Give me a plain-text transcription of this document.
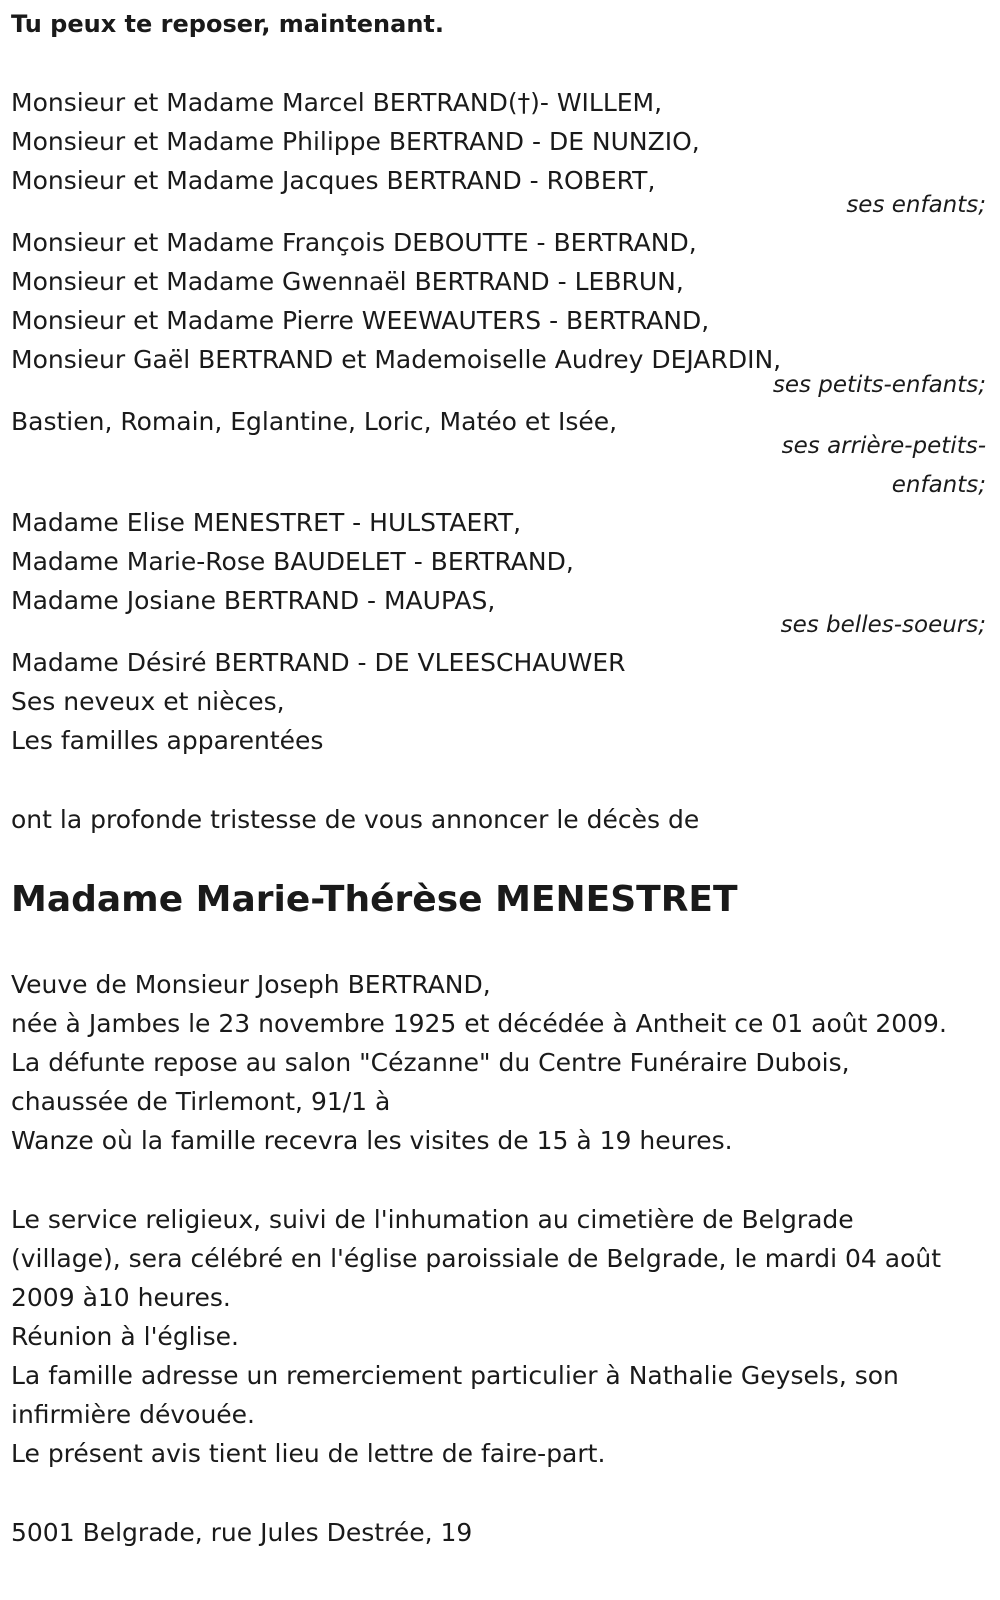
Tu peux te reposer, maintenant.
Monsieur et Madame Marcel BERTRAND(†)- WILLEM,
Monsieur et Madame Philippe BERTRAND - DE NUNZIO,
Monsieur et Madame Jacques BERTRAND - ROBERT,
ses enfants;
Monsieur et Madame François DEBOUTTE - BERTRAND,
Monsieur et Madame Gwennaël BERTRAND - LEBRUN,
Monsieur et Madame Pierre WEEWAUTERS - BERTRAND,
Monsieur Gaël BERTRAND et Mademoiselle Audrey DEJARDIN,
ses petits-enfants;
Bastien, Romain, Eglantine, Loric, Matéo et Isée,
ses arrière-petits-
enfants;
Madame Elise MENESTRET - HULSTAERT,
Madame Marie-Rose BAUDELET - BERTRAND,
Madame Josiane BERTRAND - MAUPAS,
ses belles-soeurs;
Madame Désiré BERTRAND - DE VLEESCHAUWER
Ses neveux et nièces,
Les familles apparentées
ont la profonde tristesse de vous annoncer le décès de
Madame Marie-Thérèse MENESTRET
Veuve de Monsieur Joseph BERTRAND,
née à Jambes le 23 novembre 1925 et décédée à Antheit ce 01 août 2009.
La défunte repose au salon "Cézanne" du Centre Funéraire Dubois,
chaussée de Tirlemont, 91/1 à
Wanze où la famille recevra les visites de 15 à 19 heures.
Le service religieux, suivi de l'inhumation au cimetière de Belgrade
(village), sera célébré en l'église paroissiale de Belgrade, le mardi 04 août
2009 à10 heures.
Réunion à l'église.
La famille adresse un remerciement particulier à Nathalie Geysels, son
infirmière dévouée.
Le présent avis tient lieu de lettre de faire-part.
5001 Belgrade, rue Jules Destrée, 19
